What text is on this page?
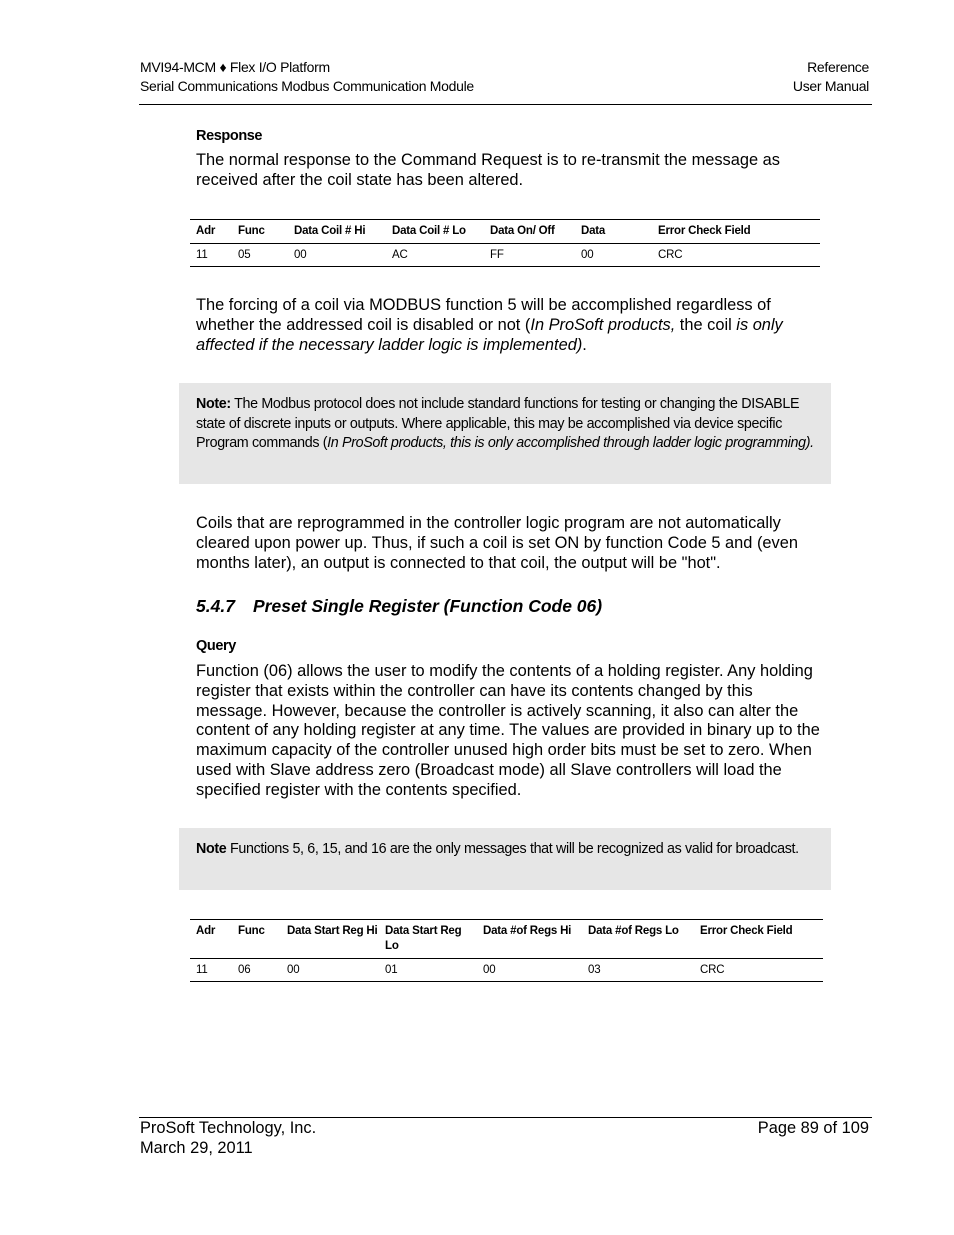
MVI94-MCM ♦ Flex I/O Platform
Serial Communications Modbus Communication Module
Reference
User Manual
Response
The normal response to the Command Request is to re-transmit the message as received after the coil state has been altered.
Adr	Func	Data Coil # Hi	Data Coil # Lo	Data On/ Off	Data	Error Check Field
11	05	00	AC	FF	00	CRC
The forcing of a coil via MODBUS function 5 will be accomplished regardless of whether the addressed coil is disabled or not (In ProSoft products, the coil is only affected if the necessary ladder logic is implemented).
Note: The Modbus protocol does not include standard functions for testing or changing the DISABLE state of discrete inputs or outputs. Where applicable, this may be accomplished via device specific Program commands (In ProSoft products, this is only accomplished through ladder logic programming).
Coils that are reprogrammed in the controller logic program are not automatically cleared upon power up. Thus, if such a coil is set ON by function Code 5 and (even months later), an output is connected to that coil, the output will be "hot".
5.4.7 Preset Single Register (Function Code 06)
Query
Function (06) allows the user to modify the contents of a holding register. Any holding register that exists within the controller can have its contents changed by this message. However, because the controller is actively scanning, it also can alter the content of any holding register at any time. The values are provided in binary up to the maximum capacity of the controller unused high order bits must be set to zero. When used with Slave address zero (Broadcast mode) all Slave controllers will load the specified register with the contents specified.
Note Functions 5, 6, 15, and 16 are the only messages that will be recognized as valid for broadcast.
Adr	Func	Data Start Reg Hi	Data Start Reg Lo	Data #of Regs Hi	Data #of Regs Lo	Error Check Field
11	06	00	01	00	03	CRC
ProSoft Technology, Inc.
March 29, 2011
Page 89 of 109
